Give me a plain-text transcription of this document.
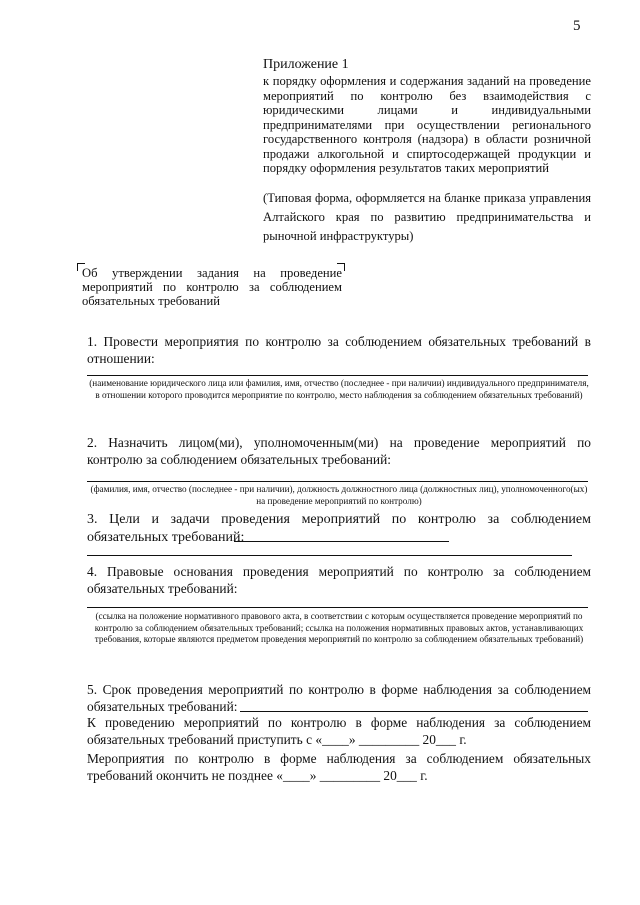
5
Приложение 1
к порядку оформления и содержания заданий на проведение мероприятий по контролю без взаимодействия с юридическими лицами и индивидуальными предпринимателями при осуществлении регионального государственного контроля (надзора) в области розничной продажи алкогольной и спиртосодержащей продукции и порядку оформления результатов таких мероприятий
(Типовая форма, оформляется на бланке приказа управления Алтайского края по развитию предпринимательства и рыночной инфраструктуры)
Об утверждении задания на проведение мероприятий по контролю за соблюдением обязательных требований
1. Провести мероприятия по контролю за соблюдением обязательных требований в отношении:
(наименование юридического лица или фамилия, имя, отчество (последнее - при наличии) индивидуального предпринимателя, в отношении которого проводится мероприятие по контролю, место наблюдения за соблюдением обязательных требований)
2. Назначить лицом(ми), уполномоченным(ми) на проведение мероприятий по контролю за соблюдением обязательных требований:
(фамилия, имя, отчество (последнее - при наличии), должность должностного лица (должностных лиц), уполномоченного(ых) на проведение мероприятий по контролю)
3. Цели и задачи проведения мероприятий по контролю за соблюдением обязательных требований:
4. Правовые основания проведения мероприятий по контролю за соблюдением обязательных требований:
(ссылка на положение нормативного правового акта, в соответствии с которым осуществляется проведение мероприятий по контролю за соблюдением обязательных требований; ссылка на положения нормативных правовых актов, устанавливающих требования, которые являются предметом проведения мероприятий по контролю за соблюдением обязательных требований)
5. Срок проведения мероприятий по контролю в форме наблюдения за соблюдением обязательных требований:
К проведению мероприятий по контролю в форме наблюдения за соблюдением обязательных требований приступить с «____» _________ 20___ г.
Мероприятия по контролю в форме наблюдения за соблюдением обязательных требований окончить не позднее «____» _________ 20___ г.
